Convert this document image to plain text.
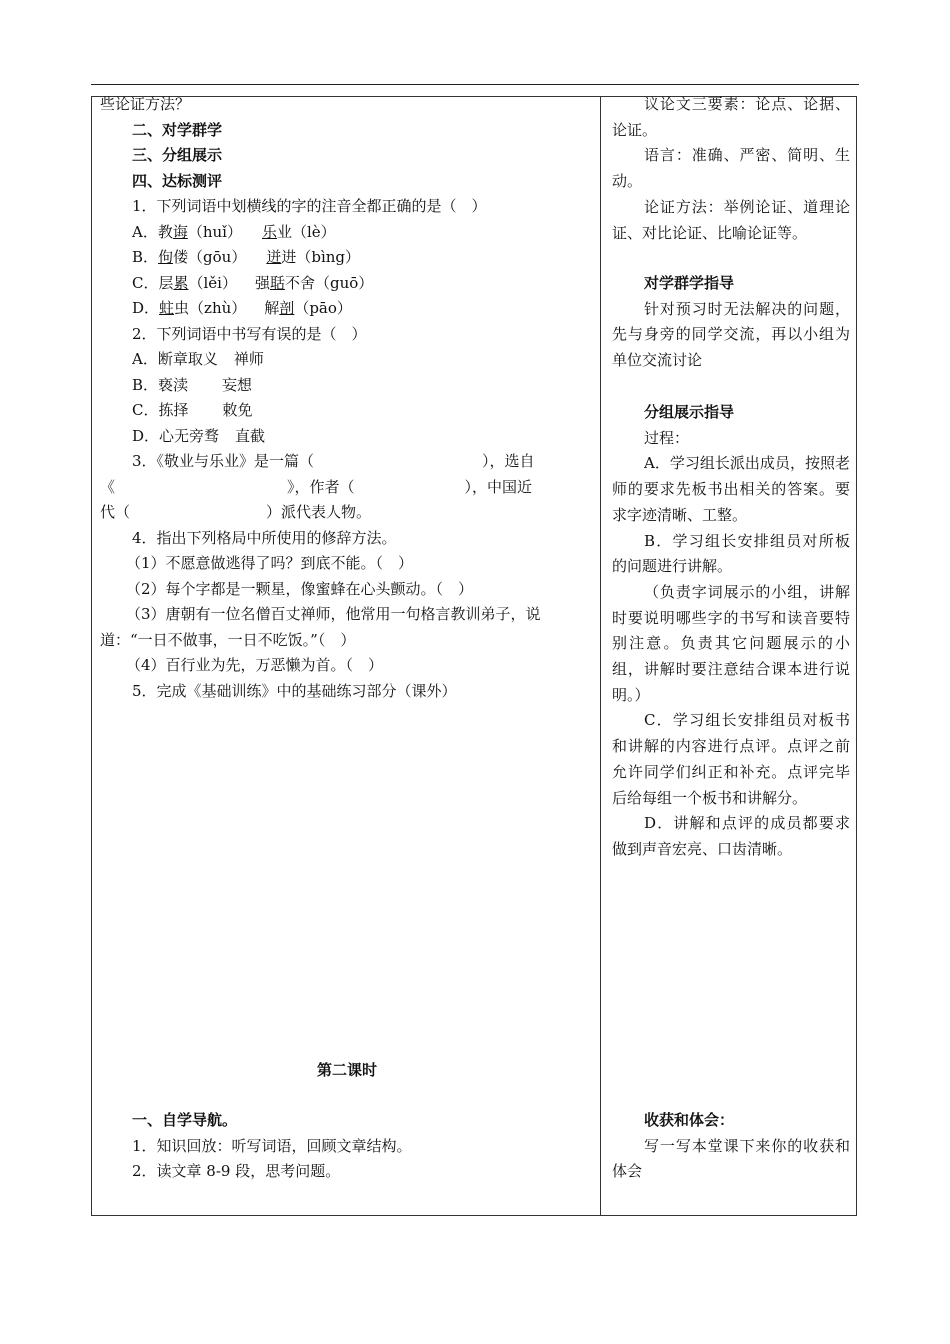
些论证方法？
二、对学群学
三、分组展示
四、达标测评
1．下列词语中划横线的字的注音全都正确的是（　）
A．教诲（huǐ） 乐业（lè）
B．佝偻（gōu） 迸进（bìng）
C．层累（lěi） 强聒不舍（guō）
D．蛀虫（zhù） 解剖（pāo）
2．下列词语中书写有误的是（　）
A．断章取义 禅师
B．亵渎 妄想
C．拣择 敕免
D．心无旁骛 直截
3．《敬业与乐业》是一篇（	），选自
《	》，作者（	），中国近
代（	）派代表人物。
4．指出下列格局中所使用的修辞方法。
（1）不愿意做逃得了吗？到底不能。（　）
（2）每个字都是一颗星，像蜜蜂在心头颤动。（　）
（3）唐朝有一位名僧百丈禅师，他常用一句格言教训弟子，说
道：“一日不做事，一日不吃饭。”（　）
（4）百行业为先，万恶懒为首。（　）
5．完成《基础训练》中的基础练习部分（课外）
第二课时
一、自学导航。
1．知识回放：听写词语，回顾文章结构。
2．读文章 8-9 段，思考问题。
议论文三要素：论点、论据、论证。
语言：准确、严密、简明、生动。
论证方法：举例论证、道理论证、对比论证、比喻论证等。
对学群学指导
针对预习时无法解决的问题，先与身旁的同学交流，再以小组为单位交流讨论
分组展示指导
过程：
A．学习组长派出成员，按照老师的要求先板书出相关的答案。要求字迹清晰、工整。
B．学习组长安排组员对所板的问题进行讲解。
（负责字词展示的小组，讲解时要说明哪些字的书写和读音要特别注意。负责其它问题展示的小组，讲解时要注意结合课本进行说明。）
C．学习组长安排组员对板书和讲解的内容进行点评。点评之前允许同学们纠正和补充。点评完毕后给每组一个板书和讲解分。
D．讲解和点评的成员都要求做到声音宏亮、口齿清晰。
收获和体会：
写一写本堂课下来你的收获和体会
